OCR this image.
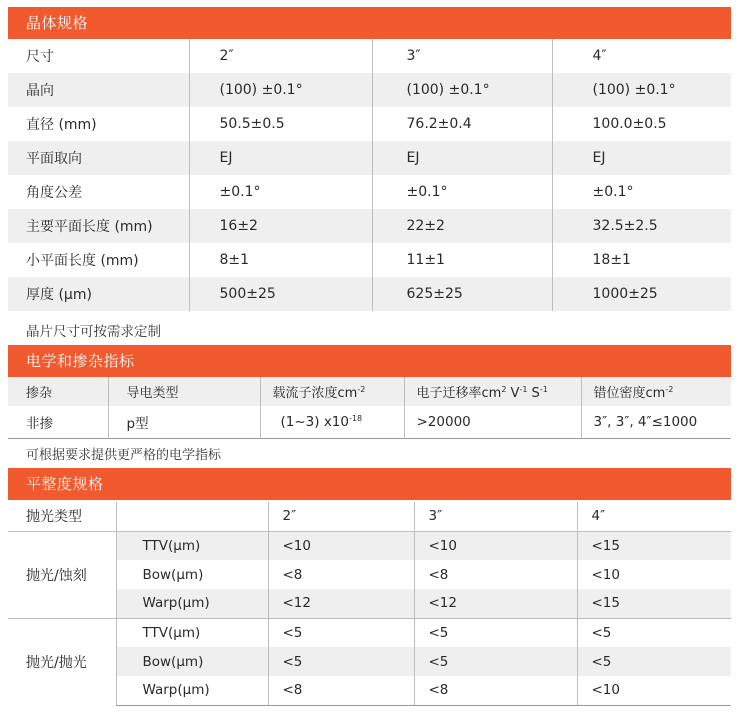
晶体规格
尺寸	2″	3″	4″
晶向	(100) ±0.1°	(100) ±0.1°	(100) ±0.1°
直径 (mm)	50.5±0.5	76.2±0.4	100.0±0.5
平面取向	EJ	EJ	EJ
角度公差	±0.1°	±0.1°	±0.1°
主要平面长度 (mm)	16±2	22±2	32.5±2.5
小平面长度 (mm)	8±1	11±1	18±1
厚度 (μm)	500±25	625±25	1000±25
晶片尺寸可按需求定制
电学和掺杂指标
掺杂	导电类型	载流子浓度$cm^{-2}$	电子迁移率$cm^2$ $V^{-1}$ $S^{-1}$	错位密度$cm^{-2}$
非掺	p型	(1~3) $x10^{-18}$	>20000	3″, 3″, 4″≤1000
可根据要求提供更严格的电学指标
平整度规格
抛光类型		2″	3″	4″
抛光/蚀刻	TTV(μm)	<10	<10	<15
	Bow(μm)	<8	<8	<10
	Warp(μm)	<12	<12	<15
抛光/抛光	TTV(μm)	<5	<5	<5
	Bow(μm)	<5	<5	<5
	Warp(μm)	<8	<8	<10
